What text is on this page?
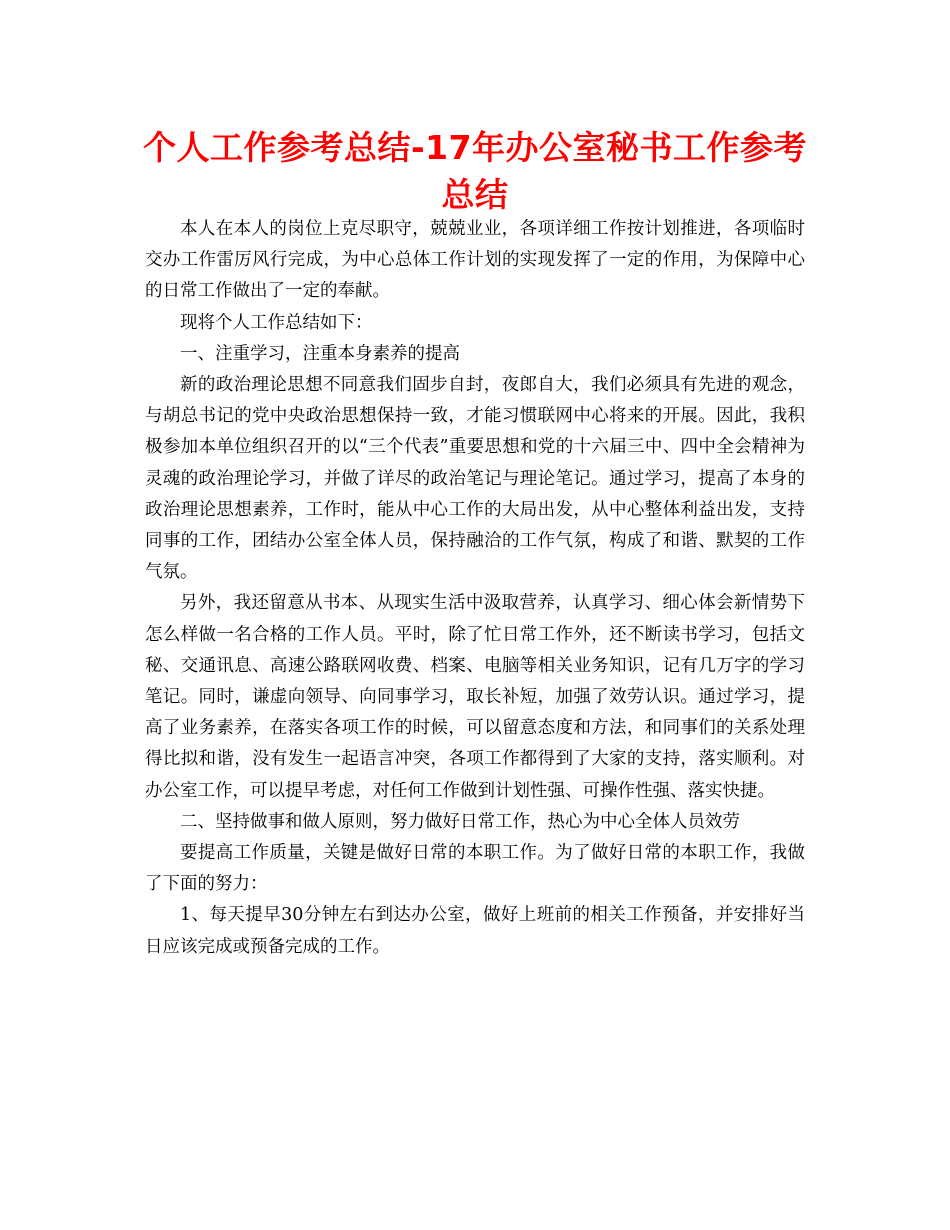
个人工作参考总结-17年办公室秘书工作参考总结

本人在本人的岗位上克尽职守，兢兢业业，各项详细工作按计划推进，各项临时交办工作雷厉风行完成，为中心总体工作计划的实现发挥了一定的作用，为保障中心的日常工作做出了一定的奉献。

现将个人工作总结如下：

一、注重学习，注重本身素养的提高

新的政治理论思想不同意我们固步自封，夜郎自大，我们必须具有先进的观念，与胡总书记的党中央政治思想保持一致，才能习惯联网中心将来的开展。因此，我积极参加本单位组织召开的以“三个代表”重要思想和党的十六届三中、四中全会精神为灵魂的政治理论学习，并做了详尽的政治笔记与理论笔记。通过学习，提高了本身的政治理论思想素养，工作时，能从中心工作的大局出发，从中心整体利益出发，支持同事的工作，团结办公室全体人员，保持融洽的工作气氛，构成了和谐、默契的工作气氛。

另外，我还留意从书本、从现实生活中汲取营养，认真学习、细心体会新情势下怎么样做一名合格的工作人员。平时，除了忙日常工作外，还不断读书学习，包括文秘、交通讯息、高速公路联网收费、档案、电脑等相关业务知识，记有几万字的学习笔记。同时，谦虚向领导、向同事学习，取长补短，加强了效劳认识。通过学习，提高了业务素养，在落实各项工作的时候，可以留意态度和方法，和同事们的关系处理得比拟和谐，没有发生一起语言冲突，各项工作都得到了大家的支持，落实顺利。对办公室工作，可以提早考虑，对任何工作做到计划性强、可操作性强、落实快捷。

二、坚持做事和做人原则，努力做好日常工作，热心为中心全体人员效劳

要提高工作质量，关键是做好日常的本职工作。为了做好日常的本职工作，我做了下面的努力：

1、每天提早30分钟左右到达办公室，做好上班前的相关工作预备，并安排好当日应该完成或预备完成的工作。
